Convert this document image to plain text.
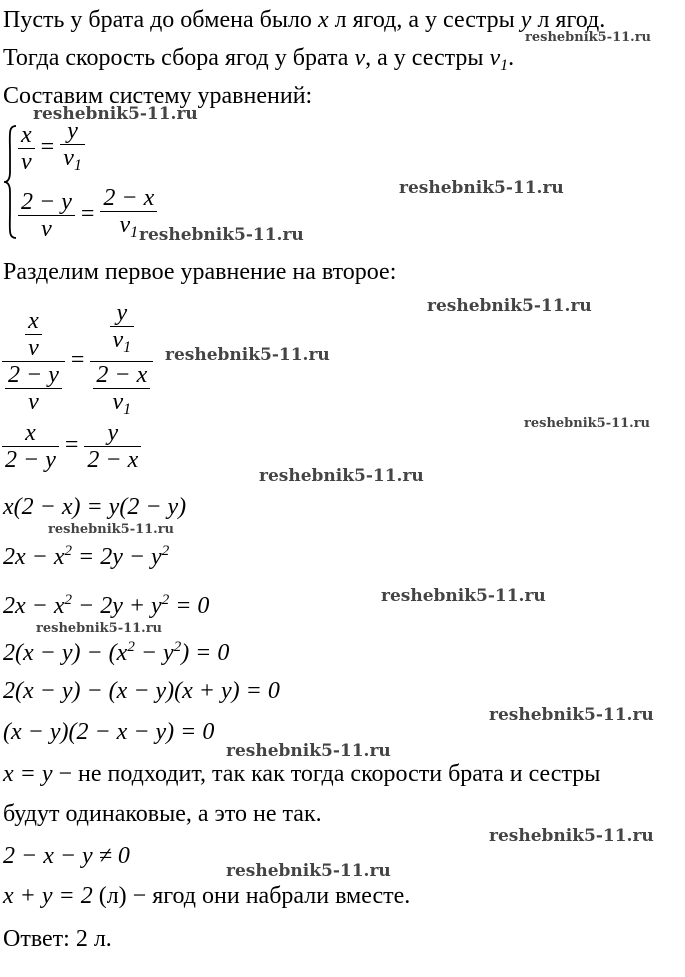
Пусть у брата до обмена было x л ягод, а у сестры y л ягод.
Тогда скорость сбора ягод у брата v, а у сестры $v_1$.
Составим систему уравнений:
$\frac{x}{v} = \frac{y}{v_1}$
$\frac{2 - y}{v} = \frac{2 - x}{v_1}$
Разделим первое уравнение на второе:
$\frac{\frac{x}{v}}{\frac{2 - y}{v}} = \frac{\frac{y}{v_1}}{\frac{2 - x}{v_1}}$
$\frac{x}{2 - y} = \frac{y}{2 - x}$
x(2 − x) = y(2 − y)
$2x - x^2 = 2y - y^2$
$2x - x^2 - 2y + y^2 = 0$
$2(x - y) - (x^2 - y^2) = 0$
2(x − y) − (x − y)(x + y) = 0
(x − y)(2 − x − y) = 0
x = y − не подходит, так как тогда скорости брата и сестры
будут одинаковые, а это не так.
2 − x − y ≠ 0
x + y = 2 (л) − ягод они набрали вместе.
Ответ: 2 л.
reshebnik5-11.ru
reshebnik5-11.ru
reshebnik5-11.ru
reshebnik5-11.ru
reshebnik5-11.ru
reshebnik5-11.ru
reshebnik5-11.ru
reshebnik5-11.ru
reshebnik5-11.ru
reshebnik5-11.ru
reshebnik5-11.ru
reshebnik5-11.ru
reshebnik5-11.ru
reshebnik5-11.ru
reshebnik5-11.ru
